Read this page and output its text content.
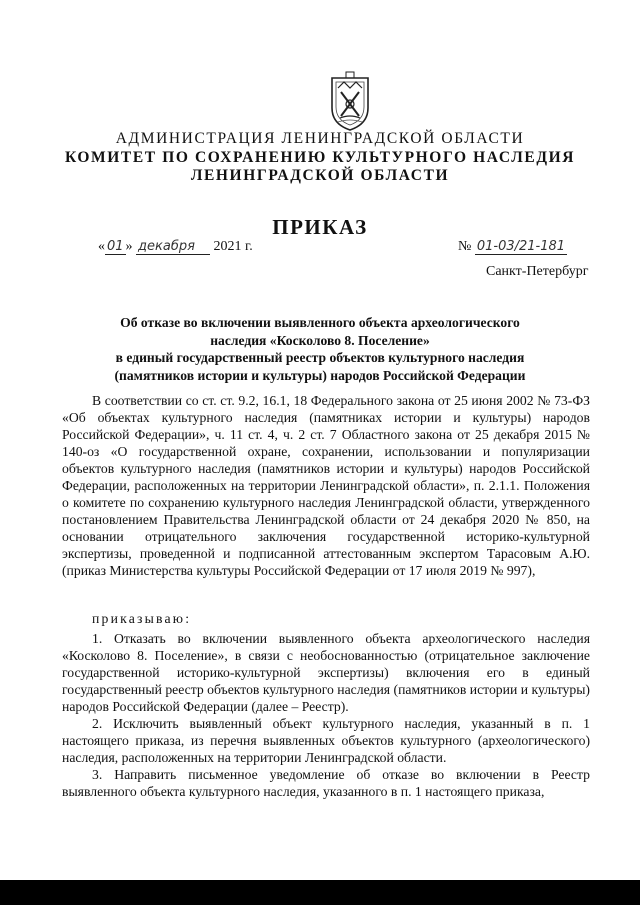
АДМИНИСТРАЦИЯ ЛЕНИНГРАДСКОЙ ОБЛАСТИ
КОМИТЕТ ПО СОХРАНЕНИЮ КУЛЬТУРНОГО НАСЛЕДИЯ
ЛЕНИНГРАДСКОЙ ОБЛАСТИ
ПРИКАЗ
« 01 » декабря 2021 г.	№ 01-03/21-181
Санкт-Петербург
Об отказе во включении выявленного объекта археологического
наследия «Косколово 8. Поселение»
в единый государственный реестр объектов культурного наследия
(памятников истории и культуры) народов Российской Федерации
В соответствии со ст. ст. 9.2, 16.1, 18 Федерального закона от 25 июня 2002 № 73-ФЗ «Об объектах культурного наследия (памятниках истории и культуры) народов Российской Федерации», ч. 11 ст. 4, ч. 2 ст. 7 Областного закона от 25 декабря 2015 № 140-оз «О государственной охране, сохранении, использовании и популяризации объектов культурного наследия (памятников истории и культуры) народов Российской Федерации, расположенных на территории Ленинградской области», п. 2.1.1. Положения о комитете по сохранению культурного наследия Ленинградской области, утвержденного постановлением Правительства Ленинградской области от 24 декабря 2020 № 850, на основании отрицательного заключения государственной историко-культурной экспертизы, проведенной и подписанной аттестованным экспертом Тарасовым А.Ю. (приказ Министерства культуры Российской Федерации от 17 июля 2019 № 997),
приказываю:
1. Отказать во включении выявленного объекта археологического наследия «Косколово 8. Поселение», в связи с необоснованностью (отрицательное заключение государственной историко-культурной экспертизы) включения его в единый государственный реестр объектов культурного наследия (памятников истории и культуры) народов Российской Федерации (далее – Реестр).
2. Исключить выявленный объект культурного наследия, указанный в п. 1 настоящего приказа, из перечня выявленных объектов культурного (археологического) наследия, расположенных на территории Ленинградской области.
3. Направить письменное уведомление об отказе во включении в Реестр выявленного объекта культурного наследия, указанного в п. 1 настоящего приказа,
